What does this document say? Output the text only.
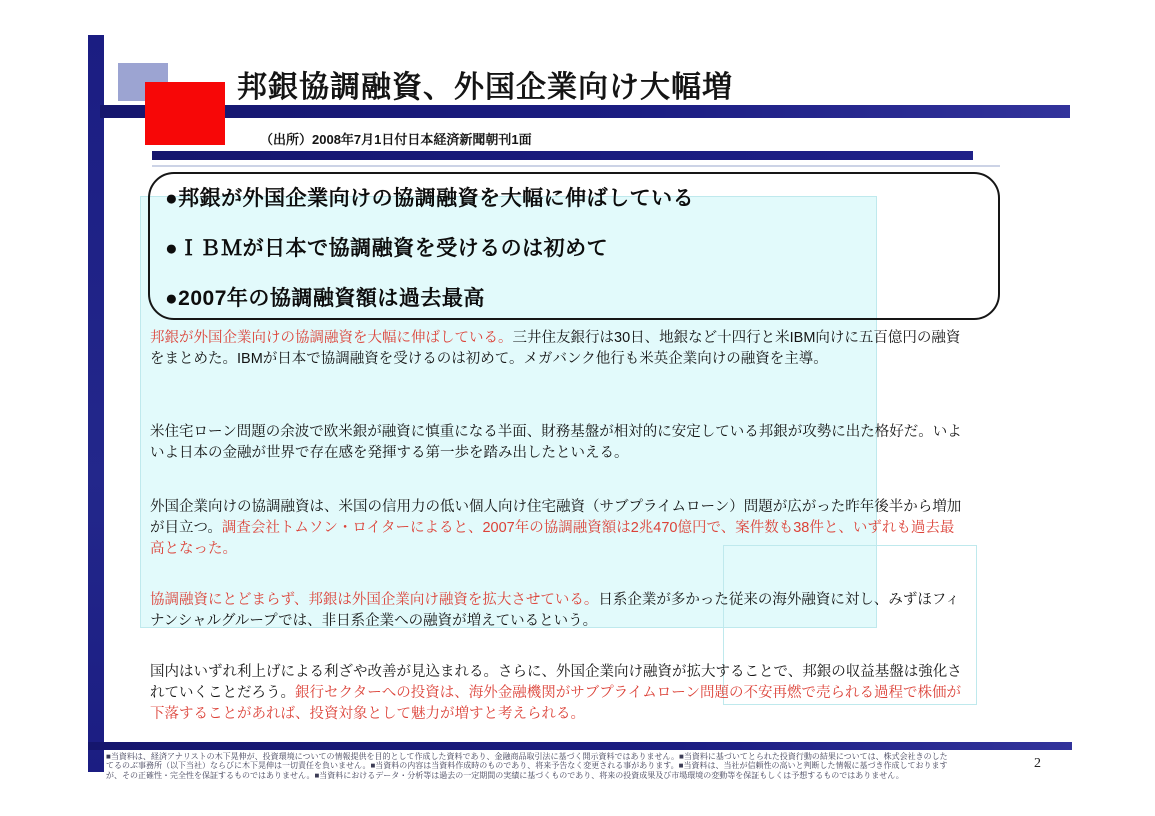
邦銀協調融資、外国企業向け大幅増
（出所）2008年7月1日付日本経済新聞朝刊1面
●邦銀が外国企業向けの協調融資を大幅に伸ばしている
●ＩＢＭが日本で協調融資を受けるのは初めて
●2007年の協調融資額は過去最高

邦銀が外国企業向けの協調融資を大幅に伸ばしている。三井住友銀行は30日、地銀など十四行と米IBM向けに五百億円の融資をまとめた。IBMが日本で協調融資を受けるのは初めて。メガバンク他行も米英企業向けの融資を主導。

米住宅ローン問題の余波で欧米銀が融資に慎重になる半面、財務基盤が相対的に安定している邦銀が攻勢に出た格好だ。いよいよ日本の金融が世界で存在感を発揮する第一歩を踏み出したといえる。

外国企業向けの協調融資は、米国の信用力の低い個人向け住宅融資（サブプライムローン）問題が広がった昨年後半から増加が目立つ。調査会社トムソン・ロイターによると、2007年の協調融資額は2兆470億円で、案件数も38件と、いずれも過去最高となった。

協調融資にとどまらず、邦銀は外国企業向け融資を拡大させている。日系企業が多かった従来の海外融資に対し、みずほフィナンシャルグループでは、非日系企業への融資が増えているという。

国内はいずれ利上げによる利ざや改善が見込まれる。さらに、外国企業向け融資が拡大することで、邦銀の収益基盤は強化されていくことだろう。銀行セクターへの投資は、海外金融機関がサブプライムローン問題の不安再燃で売られる過程で株価が下落することがあれば、投資対象として魅力が増すと考えられる。

■当資料は、経済アナリストの木下晃伸が、投資環境についての情報提供を目的として作成した資料であり、金融商品取引法に基づく開示資料ではありません。■当資料に基づいてとられた投資行動の結果については、株式会社きのした
てるのぶ事務所（以下当社）ならびに木下晃伸は一切責任を負いません。■当資料の内容は当資料作成時のものであり、将来予告なく変更される事があります。■当資料は、当社が信頼性の高いと判断した情報に基づき作成しております
が、その正確性・完全性を保証するものではありません。■当資料におけるデータ・分析等は過去の一定期間の実績に基づくものであり、将来の投資成果及び市場環境の変動等を保証もしくは予想するものではありません。
2
